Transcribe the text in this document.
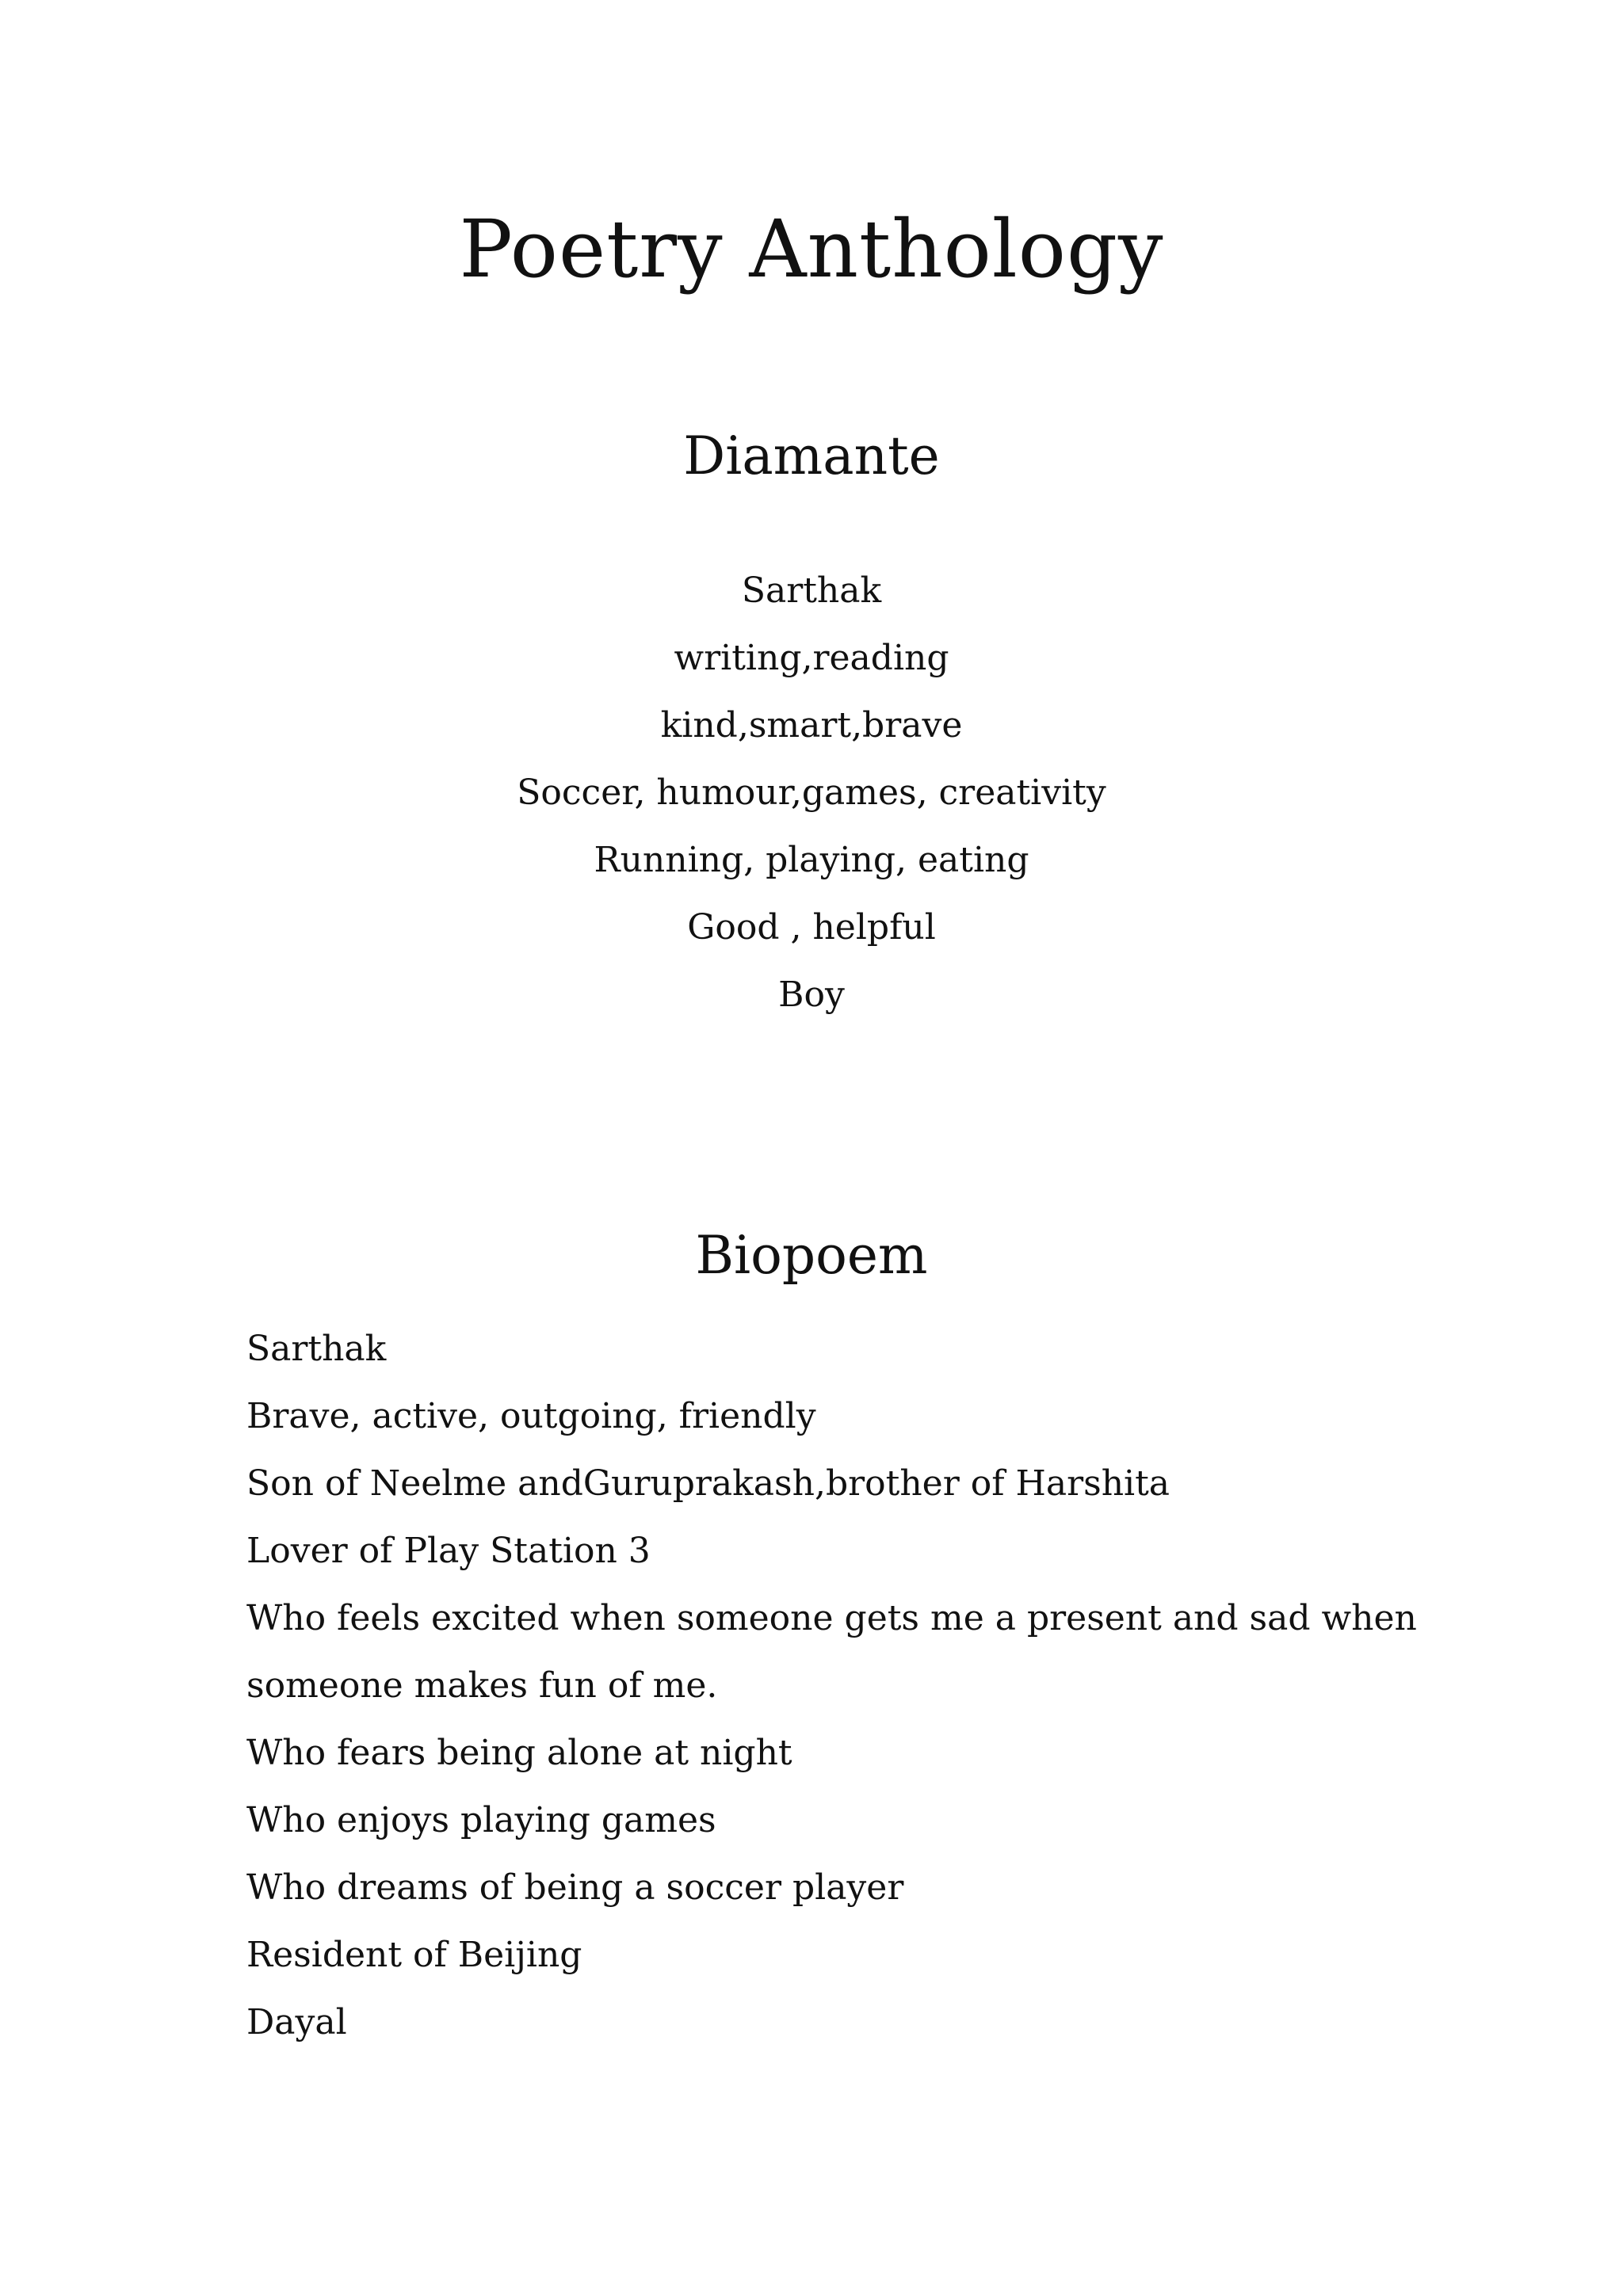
Poetry Anthology
Diamante
Sarthak
writing,reading
kind,smart,brave
Soccer, humour,games, creativity
Running, playing, eating
Good , helpful
Boy
Biopoem
Sarthak
Brave, active, outgoing, friendly
Son of Neelme andGuruprakash,brother of Harshita
Lover of Play Station 3
Who feels excited when someone gets me a present and sad when
someone makes fun of me.
Who fears being alone at night
Who enjoys playing games
Who dreams of being a soccer player
Resident of Beijing
Dayal
